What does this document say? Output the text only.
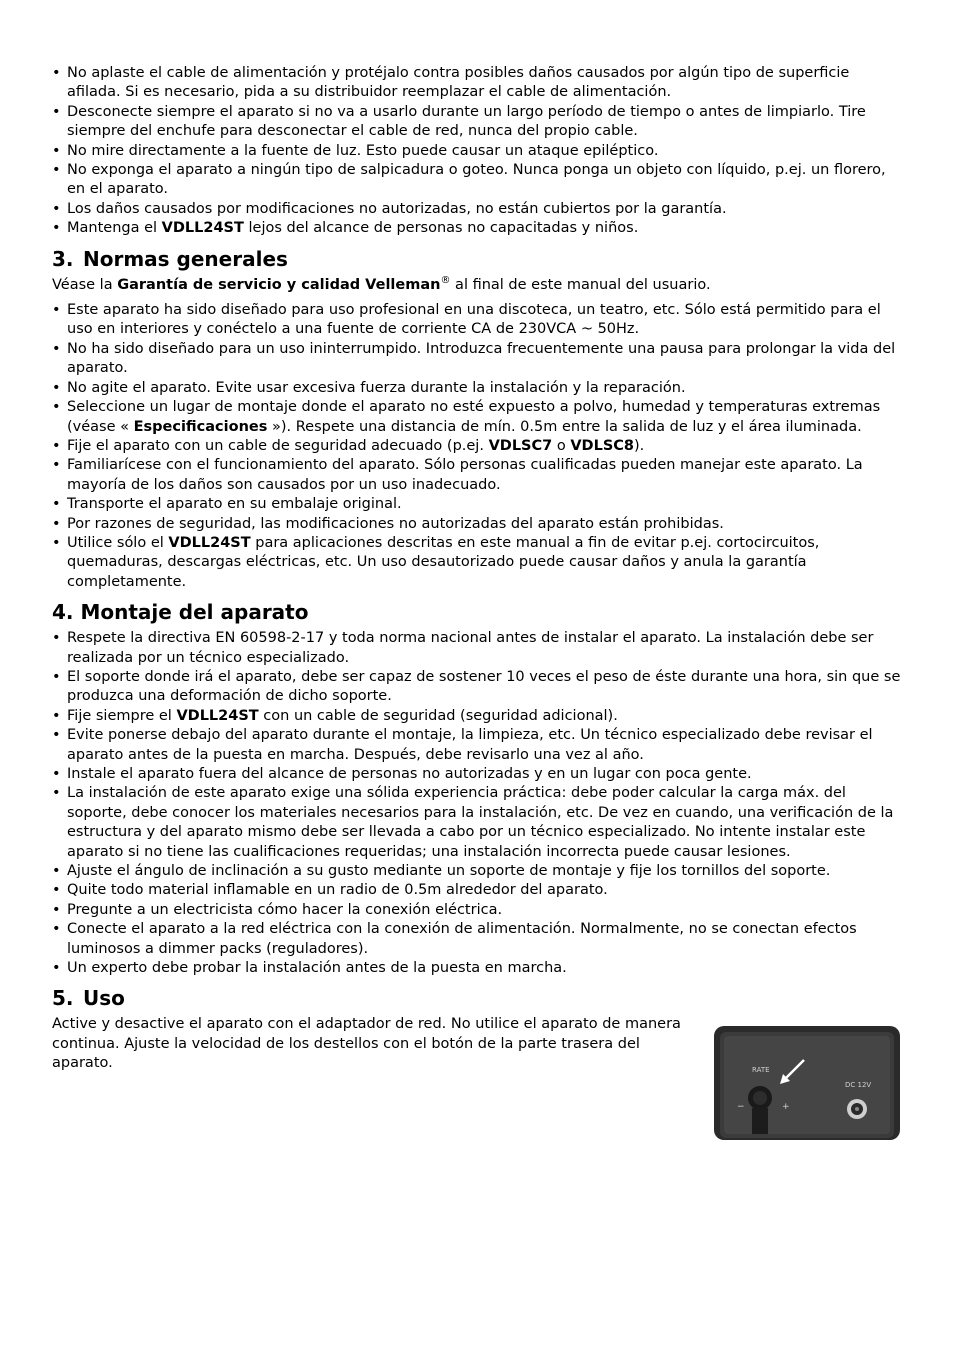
• No aplaste el cable de alimentación y protéjalo contra posibles daños causados por algún tipo de superficie afilada. Si es necesario, pida a su distribuidor reemplazar el cable de alimentación.
• Desconecte siempre el aparato si no va a usarlo durante un largo período de tiempo o antes de limpiarlo. Tire siempre del enchufe para desconectar el cable de red, nunca del propio cable.
• No mire directamente a la fuente de luz. Esto puede causar un ataque epiléptico.
• No exponga el aparato a ningún tipo de salpicadura o goteo. Nunca ponga un objeto con líquido, p.ej. un florero, en el aparato.
• Los daños causados por modificaciones no autorizadas, no están cubiertos por la garantía.
• Mantenga el VDLL24ST lejos del alcance de personas no capacitadas y niños.
3. Normas generales

Véase la Garantía de servicio y calidad Velleman® al final de este manual del usuario.

• Este aparato ha sido diseñado para uso profesional en una discoteca, un teatro, etc. Sólo está permitido para el uso en interiores y conéctelo a una fuente de corriente CA de 230VCA ~ 50Hz.
• No ha sido diseñado para un uso ininterrumpido. Introduzca frecuentemente una pausa para prolongar la vida del aparato.
• No agite el aparato. Evite usar excesiva fuerza durante la instalación y la reparación.
• Seleccione un lugar de montaje donde el aparato no esté expuesto a polvo, humedad y temperaturas extremas (véase « Especificaciones »). Respete una distancia de mín. 0.5m entre la salida de luz y el área iluminada.
• Fije el aparato con un cable de seguridad adecuado (p.ej. VDLSC7 o VDLSC8).
• Familiarícese con el funcionamiento del aparato. Sólo personas cualificadas pueden manejar este aparato. La mayoría de los daños son causados por un uso inadecuado.
• Transporte el aparato en su embalaje original.
• Por razones de seguridad, las modificaciones no autorizadas del aparato están prohibidas.
• Utilice sólo el VDLL24ST para aplicaciones descritas en este manual a fin de evitar p.ej. cortocircuitos, quemaduras, descargas eléctricas, etc. Un uso desautorizado puede causar daños y anula la garantía completamente.
4. Montaje del aparato
• Respete la directiva EN 60598-2-17 y toda norma nacional antes de instalar el aparato. La instalación debe ser realizada por un técnico especializado.
• El soporte donde irá el aparato, debe ser capaz de sostener 10 veces el peso de éste durante una hora, sin que se produzca una deformación de dicho soporte.
• Fije siempre el VDLL24ST con un cable de seguridad (seguridad adicional).
• Evite ponerse debajo del aparato durante el montaje, la limpieza, etc. Un técnico especializado debe revisar el aparato antes de la puesta en marcha. Después, debe revisarlo una vez al año.
• Instale el aparato fuera del alcance de personas no autorizadas y en un lugar con poca gente.
• La instalación de este aparato exige una sólida experiencia práctica: debe poder calcular la carga máx. del soporte, debe conocer los materiales necesarios para la instalación, etc. De vez en cuando, una verificación de la estructura y del aparato mismo debe ser llevada a cabo por un técnico especializado. No intente instalar este aparato si no tiene las cualificaciones requeridas; una instalación incorrecta puede causar lesiones.
• Ajuste el ángulo de inclinación a su gusto mediante un soporte de montaje y fije los tornillos del soporte.
• Quite todo material inflamable en un radio de 0.5m alrededor del aparato.
• Pregunte a un electricista cómo hacer la conexión eléctrica.
• Conecte el aparato a la red eléctrica con la conexión de alimentación. Normalmente, no se conectan efectos luminosos a dimmer packs (reguladores).
• Un experto debe probar la instalación antes de la puesta en marcha.
5. Uso

Active y desactive el aparato con el adaptador de red. No utilice el aparato de manera continua. Ajuste la velocidad de los destellos con el botón de la parte trasera del aparato.	RATE
−	+
DC 12V
